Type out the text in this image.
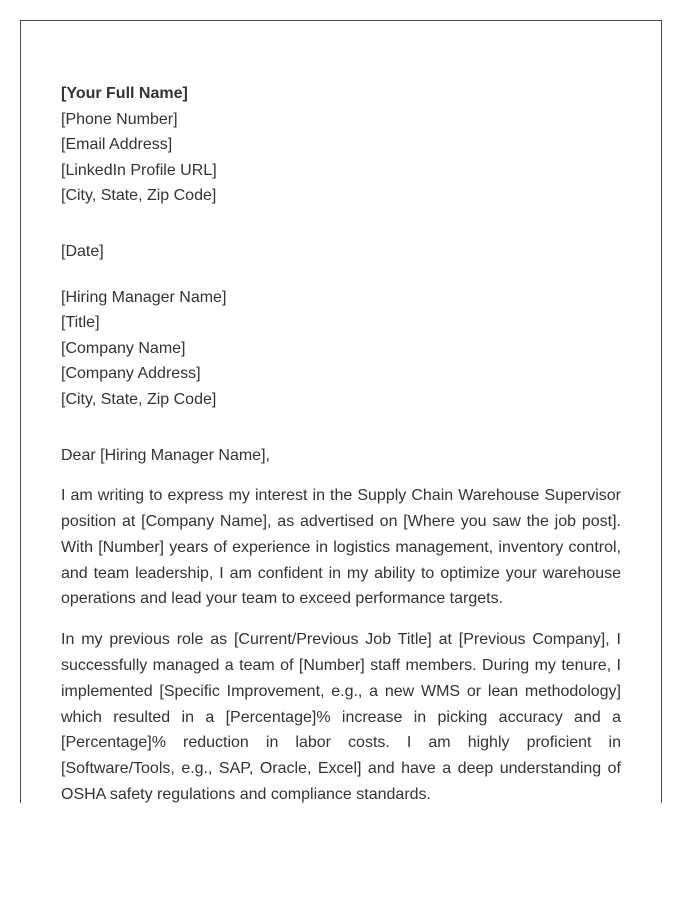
[Your Full Name]
[Phone Number]
[Email Address]
[LinkedIn Profile URL]
[City, State, Zip Code]
[Date]
[Hiring Manager Name]
[Title]
[Company Name]
[Company Address]
[City, State, Zip Code]
Dear [Hiring Manager Name],

I am writing to express my interest in the Supply Chain Warehouse Supervisor position at [Company Name], as advertised on [Where you saw the job post]. With [Number] years of experience in logistics management, inventory control, and team leadership, I am confident in my ability to optimize your warehouse operations and lead your team to exceed performance targets.

In my previous role as [Current/Previous Job Title] at [Previous Company], I successfully managed a team of [Number] staff members. During my tenure, I implemented [Specific Improvement, e.g., a new WMS or lean methodology] which resulted in a [Percentage]% increase in picking accuracy and a [Percentage]% reduction in labor costs. I am highly proficient in [Software/Tools, e.g., SAP, Oracle, Excel] and have a deep understanding of OSHA safety regulations and compliance standards.
